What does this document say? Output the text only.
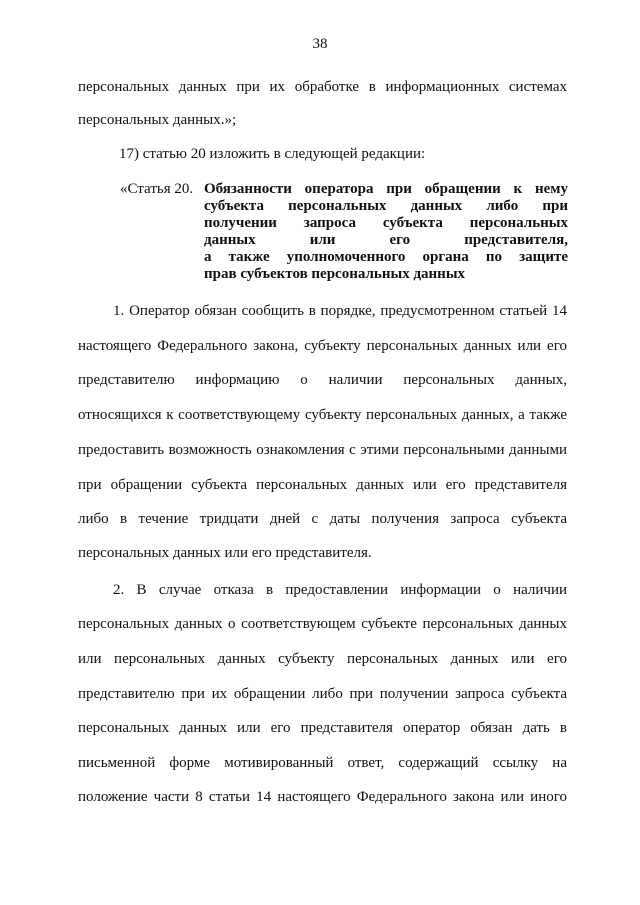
38
персональных данных при их обработке в информационных системах
персональных данных.»;
17) статью 20 изложить в следующей редакции:
«Статья 20. Обязанности оператора при обращении к нему
субъекта персональных данных либо при
получении запроса субъекта персональных
данных или его представителя,
а также уполномоченного органа по защите
прав субъектов персональных данных
1. Оператор обязан сообщить в порядке, предусмотренном статьей 14
настоящего Федерального закона, субъекту персональных данных или его
представителю информацию о наличии персональных данных,
относящихся к соответствующему субъекту персональных данных, а также
предоставить возможность ознакомления с этими персональными данными
при обращении субъекта персональных данных или его представителя
либо в течение тридцати дней с даты получения запроса субъекта
персональных данных или его представителя.
2. В случае отказа в предоставлении информации о наличии
персональных данных о соответствующем субъекте персональных данных
или персональных данных субъекту персональных данных или его
представителю при их обращении либо при получении запроса субъекта
персональных данных или его представителя оператор обязан дать в
письменной форме мотивированный ответ, содержащий ссылку на
положение части 8 статьи 14 настоящего Федерального закона или иного
